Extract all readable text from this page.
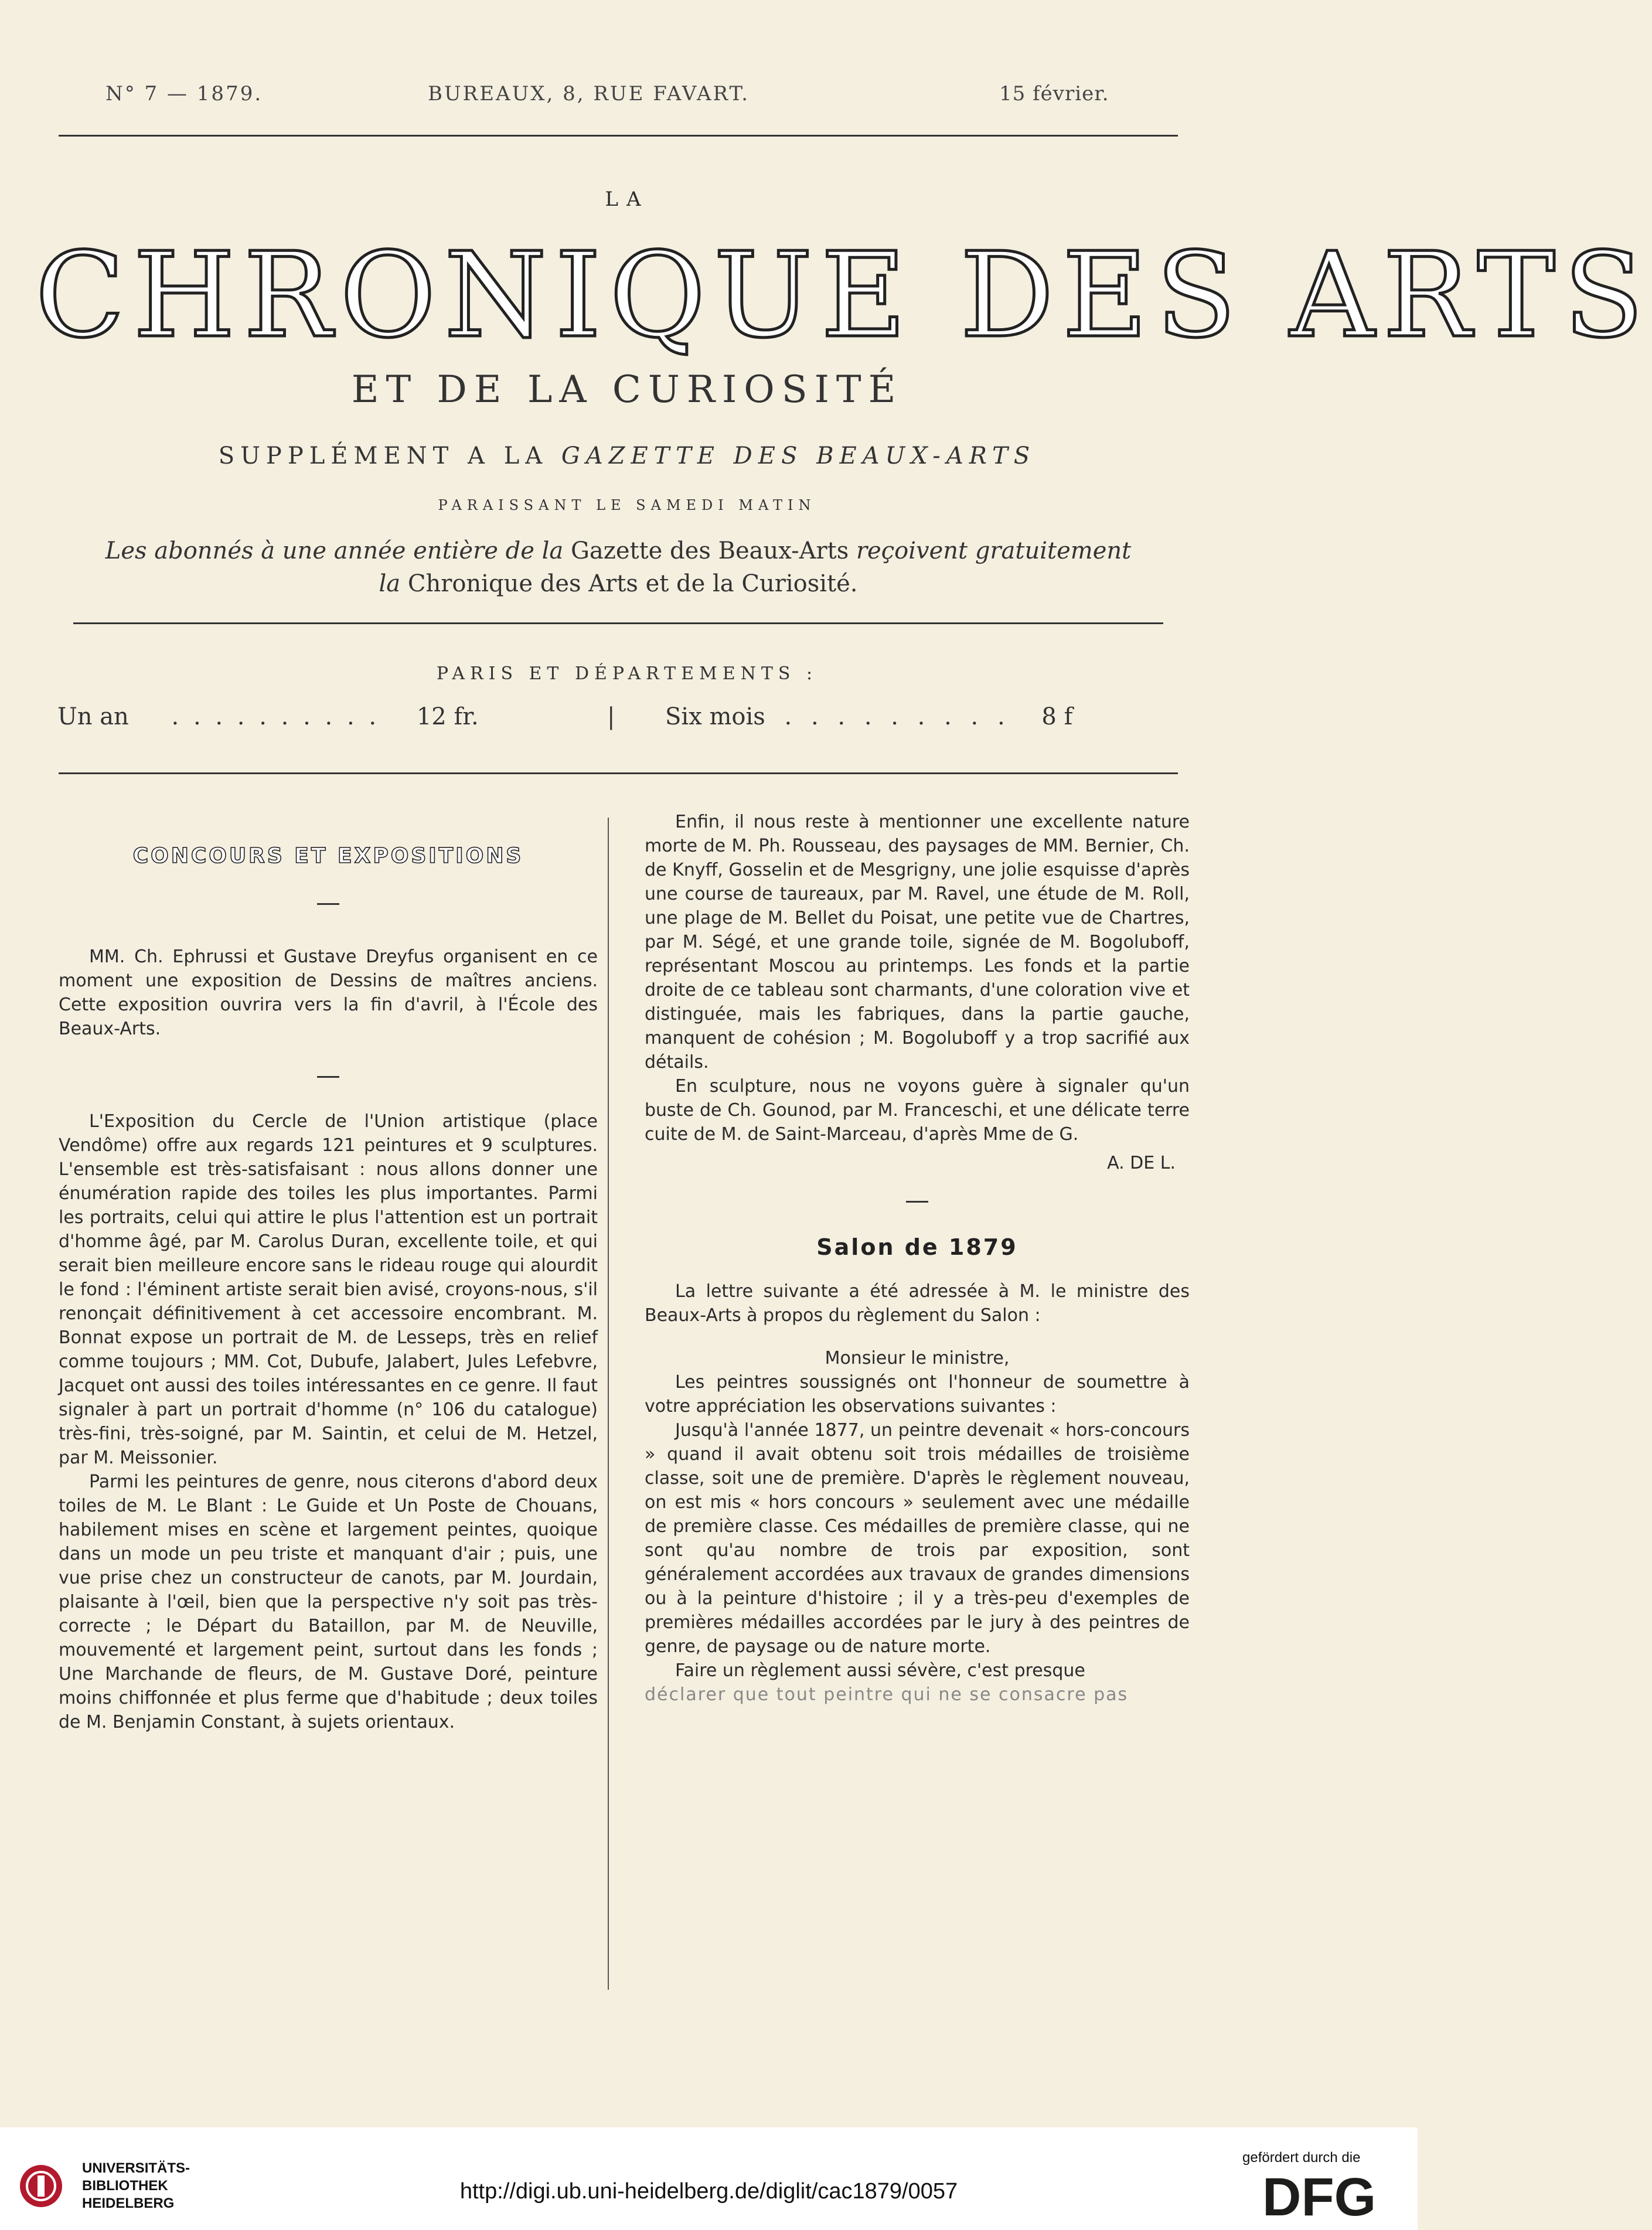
N° 7 — 1879.	BUREAUX, 8, RUE FAVART.	15 février.
LA
CHRONIQUE DES ARTS
ET DE LA CURIOSITÉ
SUPPLÉMENT A LA GAZETTE DES BEAUX-ARTS
PARAISSANT LE SAMEDI MATIN
Les abonnés à une année entière de la Gazette des Beaux-Arts reçoivent gratuitement
la Chronique des Arts et de la Curiosité.
PARIS ET DÉPARTEMENTS :
Un an . . . . . . . . . . 12 fr.	| Six mois . . . . . . . . . 8 f
CONCOURS ET EXPOSITIONS

MM. Ch. Ephrussi et Gustave Dreyfus organisent en ce moment une exposition de Dessins de maîtres anciens. Cette exposition ouvrira vers la fin d'avril, à l'École des Beaux-Arts.

L'Exposition du Cercle de l'Union artistique (place Vendôme) offre aux regards 121 peintures et 9 sculptures. L'ensemble est très-satisfaisant : nous allons donner une énumération rapide des toiles les plus importantes. Parmi les portraits, celui qui attire le plus l'attention est un portrait d'homme âgé, par M. Carolus Duran, excellente toile, et qui serait bien meilleure encore sans le rideau rouge qui alourdit le fond : l'éminent artiste serait bien avisé, croyons-nous, s'il renonçait définitivement à cet accessoire encombrant. M. Bonnat expose un portrait de M. de Lesseps, très en relief comme toujours ; MM. Cot, Dubufe, Jalabert, Jules Lefebvre, Jacquet ont aussi des toiles intéressantes en ce genre. Il faut signaler à part un portrait d'homme (n° 106 du catalogue) très-fini, très-soigné, par M. Saintin, et celui de M. Hetzel, par M. Meissonier.

Parmi les peintures de genre, nous citerons d'abord deux toiles de M. Le Blant : Le Guide et Un Poste de Chouans, habilement mises en scène et largement peintes, quoique dans un mode un peu triste et manquant d'air ; puis, une vue prise chez un constructeur de canots, par M. Jourdain, plaisante à l'œil, bien que la perspective n'y soit pas très-correcte ; le Départ du Bataillon, par M. de Neuville, mouvementé et largement peint, surtout dans les fonds ; Une Marchande de fleurs, de M. Gustave Doré, peinture moins chiffonnée et plus ferme que d'habitude ; deux toiles de M. Benjamin Constant, à sujets orientaux.

Enfin, il nous reste à mentionner une excellente nature morte de M. Ph. Rousseau, des paysages de MM. Bernier, Ch. de Knyff, Gosselin et de Mesgrigny, une jolie esquisse d'après une course de taureaux, par M. Ravel, une étude de M. Roll, une plage de M. Bellet du Poisat, une petite vue de Chartres, par M. Ségé, et une grande toile, signée de M. Bogoluboff, représentant Moscou au printemps. Les fonds et la partie droite de ce tableau sont charmants, d'une coloration vive et distinguée, mais les fabriques, dans la partie gauche, manquent de cohésion ; M. Bogoluboff y a trop sacrifié aux détails.

En sculpture, nous ne voyons guère à signaler qu'un buste de Ch. Gounod, par M. Franceschi, et une délicate terre cuite de M. de Saint-Marceau, d'après Mme de G.

A. DE L.

Salon de 1879

La lettre suivante a été adressée à M. le ministre des Beaux-Arts à propos du règlement du Salon :

Monsieur le ministre,

Les peintres soussignés ont l'honneur de soumettre à votre appréciation les observations suivantes :

Jusqu'à l'année 1877, un peintre devenait « hors-concours » quand il avait obtenu soit trois médailles de troisième classe, soit une de première. D'après le règlement nouveau, on est mis « hors concours » seulement avec une médaille de première classe. Ces médailles de première classe, qui ne sont qu'au nombre de trois par exposition, sont généralement accordées aux travaux de grandes dimensions ou à la peinture d'histoire ; il y a très-peu d'exemples de premières médailles accordées par le jury à des peintres de genre, de paysage ou de nature morte.

Faire un règlement aussi sévère, c'est presque

déclarer que tout peintre qui ne se consacre pas

UNIVERSITÄTS-
BIBLIOTHEK
HEIDELBERG	http://digi.ub.uni-heidelberg.de/diglit/cac1879/0057
gefördert durch die
DFG
